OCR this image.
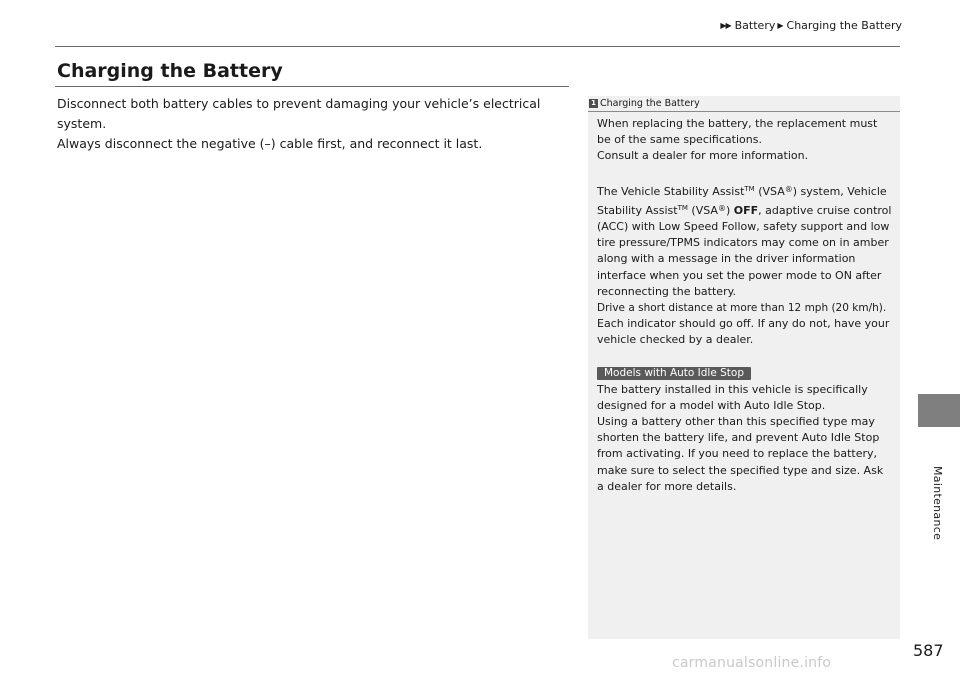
▶▶ Battery ▶ Charging the Battery
Charging the Battery
Disconnect both battery cables to prevent damaging your vehicle’s electrical system.
Always disconnect the negative (–) cable first, and reconnect it last.
1 Charging the Battery

When replacing the battery, the replacement must be of the same specifications.

Consult a dealer for more information.

The Vehicle Stability Assist™ (VSA®) system, Vehicle Stability Assist™ (VSA®) OFF, adaptive cruise control (ACC) with Low Speed Follow, safety support and low tire pressure/TPMS indicators may come on in amber along with a message in the driver information interface when you set the power mode to ON after reconnecting the battery.

Drive a short distance at more than 12 mph (20 km/h).

Each indicator should go off. If any do not, have your vehicle checked by a dealer.

Models with Auto Idle Stop

The battery installed in this vehicle is specifically designed for a model with Auto Idle Stop.

Using a battery other than this specified type may shorten the battery life, and prevent Auto Idle Stop from activating. If you need to replace the battery, make sure to select the specified type and size. Ask a dealer for more details.	Maintenance
587
carmanualsonline.info
